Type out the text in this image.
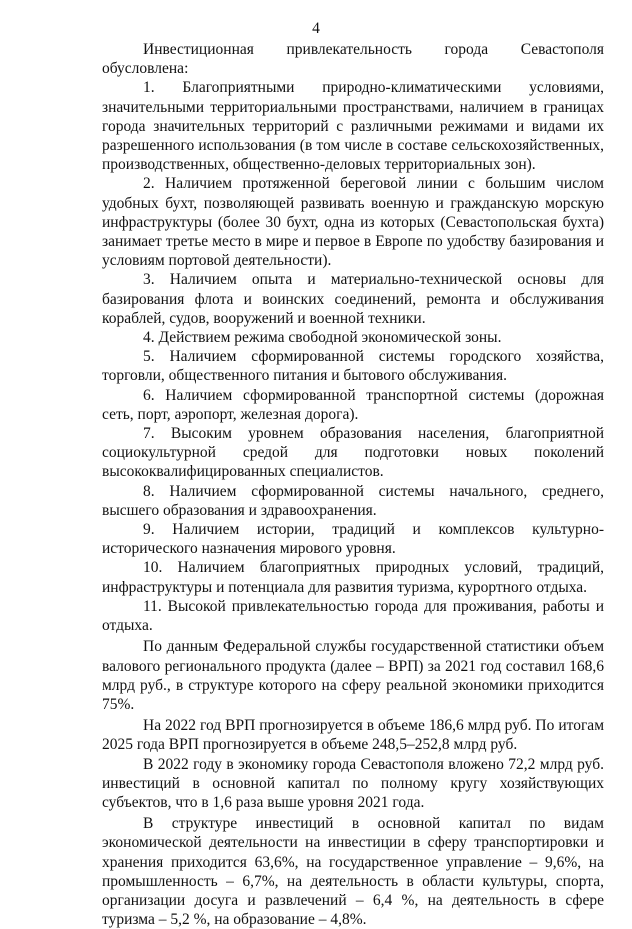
4

Инвестиционная привлекательность города Севастополя обусловлена:

1. Благоприятными природно-климатическими условиями, значительными территориальными пространствами, наличием в границах города значительных территорий с различными режимами и видами их разрешенного использования (в том числе в составе сельскохозяйственных, производственных, общественно-деловых территориальных зон).

2. Наличием протяженной береговой линии с большим числом удобных бухт, позволяющей развивать военную и гражданскую морскую инфраструктуры (более 30 бухт, одна из которых (Севастопольская бухта) занимает третье место в мире и первое в Европе по удобству базирования и условиям портовой деятельности).

3. Наличием опыта и материально-технической основы для базирования флота и воинских соединений, ремонта и обслуживания кораблей, судов, вооружений и военной техники.

4. Действием режима свободной экономической зоны.

5. Наличием сформированной системы городского хозяйства, торговли, общественного питания и бытового обслуживания.

6. Наличием сформированной транспортной системы (дорожная сеть, порт, аэропорт, железная дорога).

7. Высоким уровнем образования населения, благоприятной социокультурной средой для подготовки новых поколений высококвалифицированных специалистов.

8. Наличием сформированной системы начального, среднего, высшего образования и здравоохранения.

9. Наличием истории, традиций и комплексов культурно-исторического назначения мирового уровня.

10. Наличием благоприятных природных условий, традиций, инфраструктуры и потенциала для развития туризма, курортного отдыха.

11. Высокой привлекательностью города для проживания, работы и отдыха.

По данным Федеральной службы государственной статистики объем валового регионального продукта (далее – ВРП) за 2021 год составил 168,6 млрд руб., в структуре которого на сферу реальной экономики приходится 75%.

На 2022 год ВРП прогнозируется в объеме 186,6 млрд руб. По итогам 2025 года ВРП прогнозируется в объеме 248,5–252,8 млрд руб.

В 2022 году в экономику города Севастополя вложено 72,2 млрд руб. инвестиций в основной капитал по полному кругу хозяйствующих субъектов, что в 1,6 раза выше уровня 2021 года.

В структуре инвестиций в основной капитал по видам экономической деятельности на инвестиции в сферу транспортировки и хранения приходится 63,6%, на государственное управление – 9,6%, на промышленность – 6,7%, на деятельность в области культуры, спорта, организации досуга и развлечений – 6,4 %, на деятельность в сфере туризма – 5,2 %, на образование – 4,8%.
